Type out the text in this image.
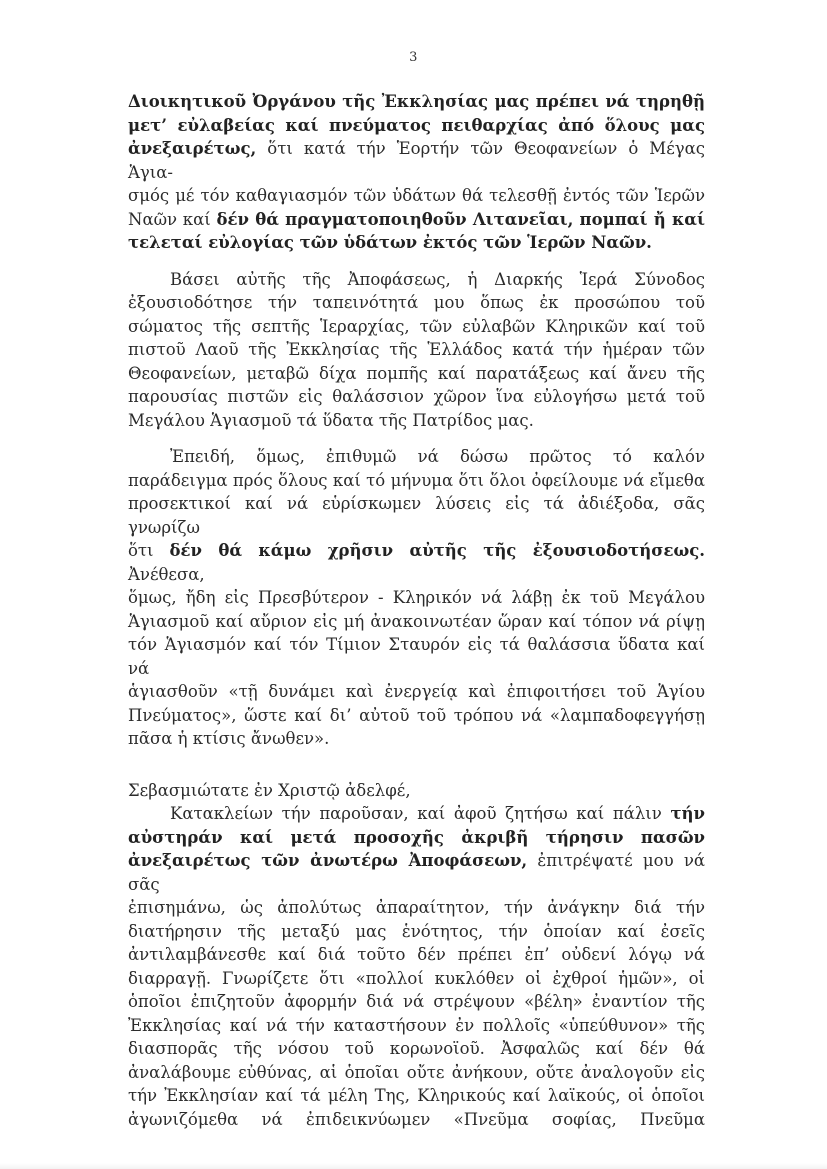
3
Διοικητικοῦ Ὀργάνου τῆς Ἐκκλησίας μας πρέπει νά τηρηθῇ
μετ’ εὐλαβείας καί πνεύματος πειθαρχίας ἀπό ὅλους μας
ἀνεξαιρέτως, ὅτι κατά τήν Ἑορτήν τῶν Θεοφανείων ὁ Μέγας Ἁγια-
σμός μέ τόν καθαγιασμόν τῶν ὑδάτων θά τελεσθῇ ἐντός τῶν Ἱερῶν
Ναῶν καί δέν θά πραγματοποιηθοῦν Λιτανεῖαι, πομπαί ἤ καί
τελεταί εὐλογίας τῶν ὑδάτων ἐκτός τῶν Ἱερῶν Ναῶν.
Βάσει αὐτῆς τῆς Ἀποφάσεως, ἡ Διαρκής Ἱερά Σύνοδος
ἐξουσιοδότησε τήν ταπεινότητά μου ὅπως ἐκ προσώπου τοῦ
σώματος τῆς σεπτῆς Ἱεραρχίας, τῶν εὐλαβῶν Κληρικῶν καί τοῦ
πιστοῦ Λαοῦ τῆς Ἐκκλησίας τῆς Ἑλλάδος κατά τήν ἡμέραν τῶν
Θεοφανείων, μεταβῶ δίχα πομπῆς καί παρατάξεως καί ἄνευ τῆς
παρουσίας πιστῶν εἰς θαλάσσιον χῶρον ἵνα εὐλογήσω μετά τοῦ
Μεγάλου Ἁγιασμοῦ τά ὕδατα τῆς Πατρίδος μας.
Ἐπειδή, ὅμως, ἐπιθυμῶ νά δώσω πρῶτος τό καλόν
παράδειγμα πρός ὅλους καί τό μήνυμα ὅτι ὅλοι ὀφείλουμε νά εἴμεθα
προσεκτικοί καί νά εὑρίσκωμεν λύσεις εἰς τά ἀδιέξοδα, σᾶς γνωρίζω
ὅτι δέν θά κάμω χρῆσιν αὐτῆς τῆς ἐξουσιοδοτήσεως. Ἀνέθεσα,
ὅμως, ἤδη εἰς Πρεσβύτερον - Κληρικόν νά λάβῃ ἐκ τοῦ Μεγάλου
Ἁγιασμοῦ καί αὔριον εἰς μή ἀνακοινωτέαν ὥραν καί τόπον νά ρίψῃ
τόν Ἁγιασμόν καί τόν Τίμιον Σταυρόν εἰς τά θαλάσσια ὕδατα καί νά
ἁγιασθοῦν «τῇ δυνάμει καὶ ἐνεργείᾳ καὶ ἐπιφοιτήσει τοῦ Ἁγίου
Πνεύματος», ὥστε καί δι’ αὐτοῦ τοῦ τρόπου νά «λαμπαδοφεγγήσῃ
πᾶσα ἡ κτίσις ἄνωθεν».
Σεβασμιώτατε ἐν Χριστῷ ἀδελφέ,
Κατακλείων τήν παροῦσαν, καί ἀφοῦ ζητήσω καί πάλιν τήν
αὐστηράν καί μετά προσοχῆς ἀκριβῆ τήρησιν πασῶν
ἀνεξαιρέτως τῶν ἀνωτέρω Ἀποφάσεων, ἐπιτρέψατέ μου νά σᾶς
ἐπισημάνω, ὡς ἀπολύτως ἀπαραίτητον, τήν ἀνάγκην διά τήν
διατήρησιν τῆς μεταξύ μας ἑνότητος, τήν ὁποίαν καί ἐσεῖς
ἀντιλαμβάνεσθε καί διά τοῦτο δέν πρέπει ἐπ’ οὐδενί λόγῳ νά
διαρραγῇ. Γνωρίζετε ὅτι «πολλοί κυκλόθεν οἱ ἐχθροί ἡμῶν», οἱ
ὁποῖοι ἐπιζητοῦν ἀφορμήν διά νά στρέψουν «βέλη» ἐναντίον τῆς
Ἐκκλησίας καί νά τήν καταστήσουν ἐν πολλοῖς «ὑπεύθυνον» τῆς
διασπορᾶς τῆς νόσου τοῦ κορωνοϊοῦ. Ἀσφαλῶς καί δέν θά
ἀναλάβουμε εὐθύνας, αἱ ὁποῖαι οὔτε ἀνήκουν, οὔτε ἀναλογοῦν εἰς
τήν Ἐκκλησίαν καί τά μέλη Της, Κληρικούς καί λαϊκούς, οἱ ὁποῖοι
ἀγωνιζόμεθα νά ἐπιδεικνύωμεν «Πνεῦμα σοφίας, Πνεῦμα
